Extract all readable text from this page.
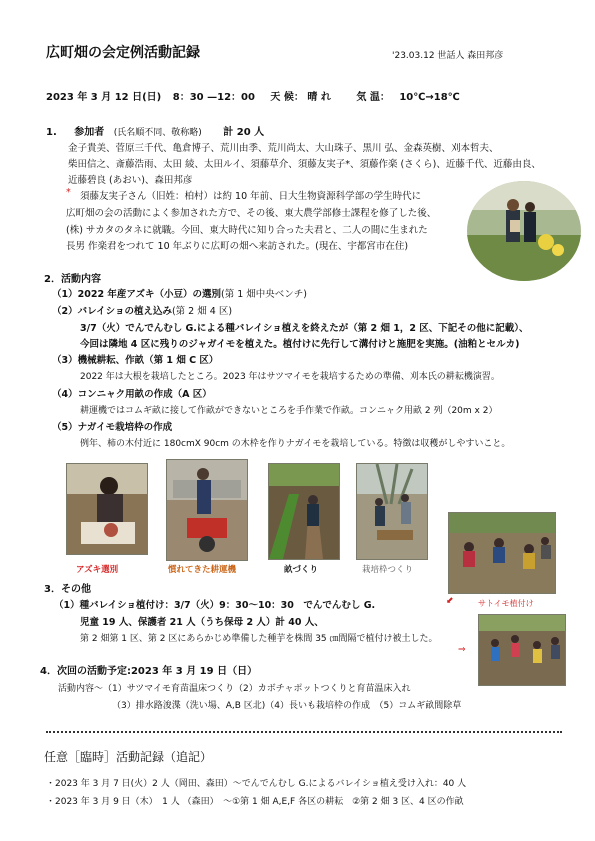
広町畑の会定例活動記録	'23.03.12 世話人 森田邦彦
2023 年 3 月 12 日(日) 8：30 —12：00 天 候： 晴 れ	気 温： 10℃→18℃
1. 参加者 (氏名順不同、敬称略) 計 20 人
金子貴美、菅原三千代、亀倉博子、荒川由季、荒川尚太、大山珠子、黒川 弘、金森英樹、刈本哲夫、
柴田信之、斎藤浩雨、太田 綾、太田ルイ、須藤草介、須藤友実子*、須藤作楽 (さくら)、近藤千代、近藤由良、
近藤碧良 (あおい)、森田邦彦
* 須藤友実子さん（旧姓：柏村）は約 10 年前、日大生物資源科学部の学生時代に
広町畑の会の活動によく参加された方で、その後、東大農学部修士課程を修了した後、
(株) サカタのタネに就職。今回、東大時代に知り合った夫君と、二人の間に生まれた
長男 作楽君をつれて 10 年ぶりに広町の畑へ来訪された。(現在、宇都宮市在住)
2．活動内容
（1）2022 年産アズキ（小豆）の選別(第 1 畑中央ベンチ)
（2）バレイショの植え込み(第 2 畑 4 区)
3/7（火）でんでんむし G.による種バレイショ植えを終えたが（第 2 畑 1，2 区、下記その他に記載）、
今回は隣地 4 区に残りのジャガイモを植えた。植付けに先行して溝付けと施肥を実施。(油粕とセルカ)
（3）機械耕耘、作畝（第 1 畑 C 区）
2022 年は大根を栽培したところ。2023 年はサツマイモを栽培するための準備、刈本氏の耕耘機演習。
（4）コンニャク用畝の作成（A 区）
耕運機ではコムギ畝に接して作畝ができないところを手作業で作畝。コンニャク用畝 2 列（20m x 2）
（5）ナガイモ栽培枠の作成
例年、柿の木付近に 180cmX 90cm の木枠を作りナガイモを栽培している。特徴は収穫がしやすいこと。
アズキ選別	慣れてきた耕運機	畝づくり	栽培枠つくり
⬋	サトイモ植付け
3．その他
（1）種バレイショ植付け：3/7（火）9：30〜10：30　でんでんむし G.
児童 19 人、保護者 21 人（うち保母 2 人）計 40 人、
第 2 畑第 1 区、第 2 区にあらかじめ準備した種芋を株間 35 ㎝間隔で植付け被土した。
⇒
4．次回の活動予定:2023 年 3 月 19 日（日）
活動内容〜（1）サツマイモ育苗温床つくり（2）カボチャポットつくりと育苗温床入れ
（3）排水路浚渫（洗い場、A,B 区北)（4）長いも栽培枠の作成　（5）コムギ畝間除草
任意［臨時］活動記録（追記）
・2023 年 3 月 7 日(火）2 人（岡田、森田）〜でんでんむし G.によるバレイショ植え受け入れ：40 人
・2023 年 3 月 9 日（木）　1 人 （森田）　〜①第 1 畑 A,E,F 各区の耕耘　②第 2 畑 3 区、4 区の作畝
